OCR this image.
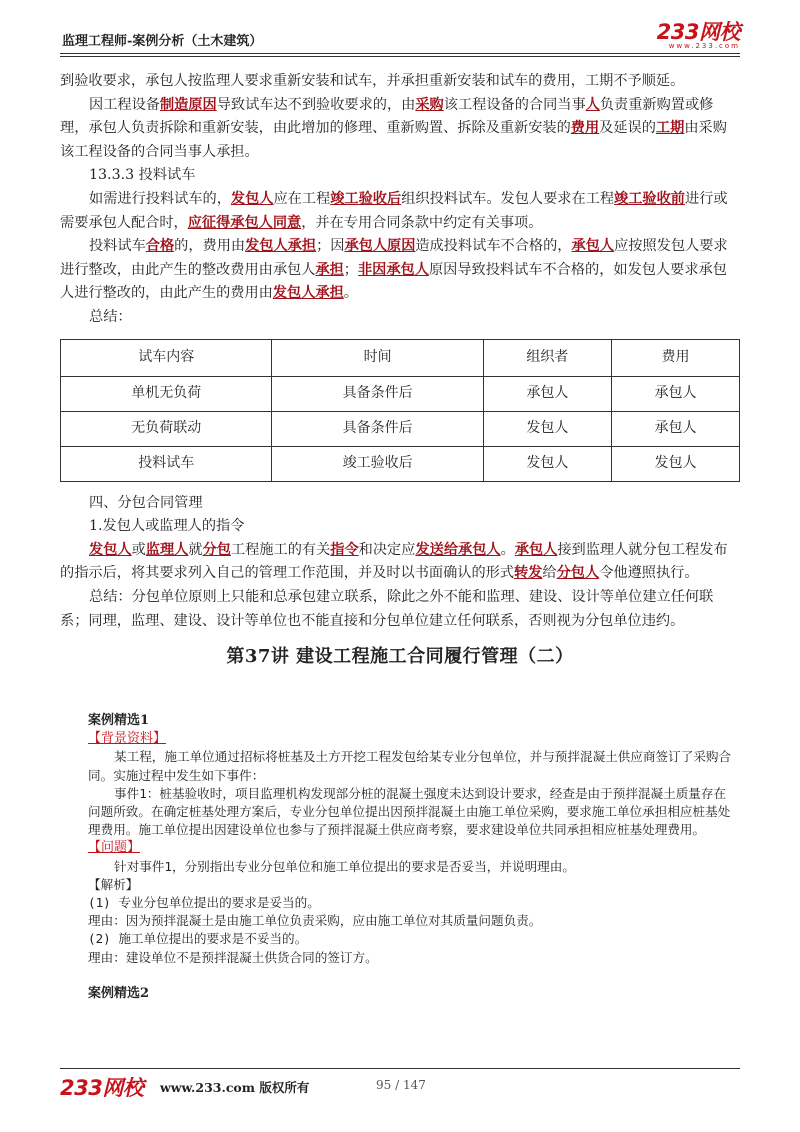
监理工程师-案例分析（土木建筑）	233网校
www.233.com

到验收要求，承包人按监理人要求重新安装和试车，并承担重新安装和试车的费用，工期不予顺延。

因工程设备制造原因导致试车达不到验收要求的，由采购该工程设备的合同当事人负责重新购置或修理，承包人负责拆除和重新安装，由此增加的修理、重新购置、拆除及重新安装的费用及延误的工期由采购该工程设备的合同当事人承担。

13.3.3 投料试车

如需进行投料试车的，发包人应在工程竣工验收后组织投料试车。发包人要求在工程竣工验收前进行或需要承包人配合时，应征得承包人同意，并在专用合同条款中约定有关事项。

投料试车合格的，费用由发包人承担；因承包人原因造成投料试车不合格的，承包人应按照发包人要求进行整改，由此产生的整改费用由承包人承担；非因承包人原因导致投料试车不合格的，如发包人要求承包人进行整改的，由此产生的费用由发包人承担。

总结：

试车内容	时间	组织者	费用
单机无负荷	具备条件后	承包人	承包人
无负荷联动	具备条件后	发包人	承包人
投料试车	竣工验收后	发包人	发包人

四、分包合同管理

1.发包人或监理人的指令

发包人或监理人就分包工程施工的有关指令和决定应发送给承包人。承包人接到监理人就分包工程发布的指示后，将其要求列入自己的管理工作范围，并及时以书面确认的形式转发给分包人令他遵照执行。

总结：分包单位原则上只能和总承包建立联系，除此之外不能和监理、建设、设计等单位建立任何联系；同理，监理、建设、设计等单位也不能直接和分包单位建立任何联系，否则视为分包单位违约。

第37讲 建设工程施工合同履行管理（二）
案例精选1
【背景资料】
某工程，施工单位通过招标将桩基及土方开挖工程发包给某专业分包单位，并与预拌混凝土供应商签订了采购合同。实施过程中发生如下事件：
事件1：桩基验收时，项目监理机构发现部分桩的混凝土强度未达到设计要求，经查是由于预拌混凝土质量存在问题所致。在确定桩基处理方案后，专业分包单位提出因预拌混凝土由施工单位采购，要求施工单位承担相应桩基处理费用。施工单位提出因建设单位也参与了预拌混凝土供应商考察，要求建设单位共同承担相应桩基处理费用。
【问题】
针对事件1，分别指出专业分包单位和施工单位提出的要求是否妥当，并说明理由。
【解析】
(1) 专业分包单位提出的要求是妥当的。
理由：因为预拌混凝土是由施工单位负责采购，应由施工单位对其质量问题负责。
(2) 施工单位提出的要求是不妥当的。
理由：建设单位不是预拌混凝土供货合同的签订方。
案例精选2
233网校 www.233.com 版权所有	95 / 147
